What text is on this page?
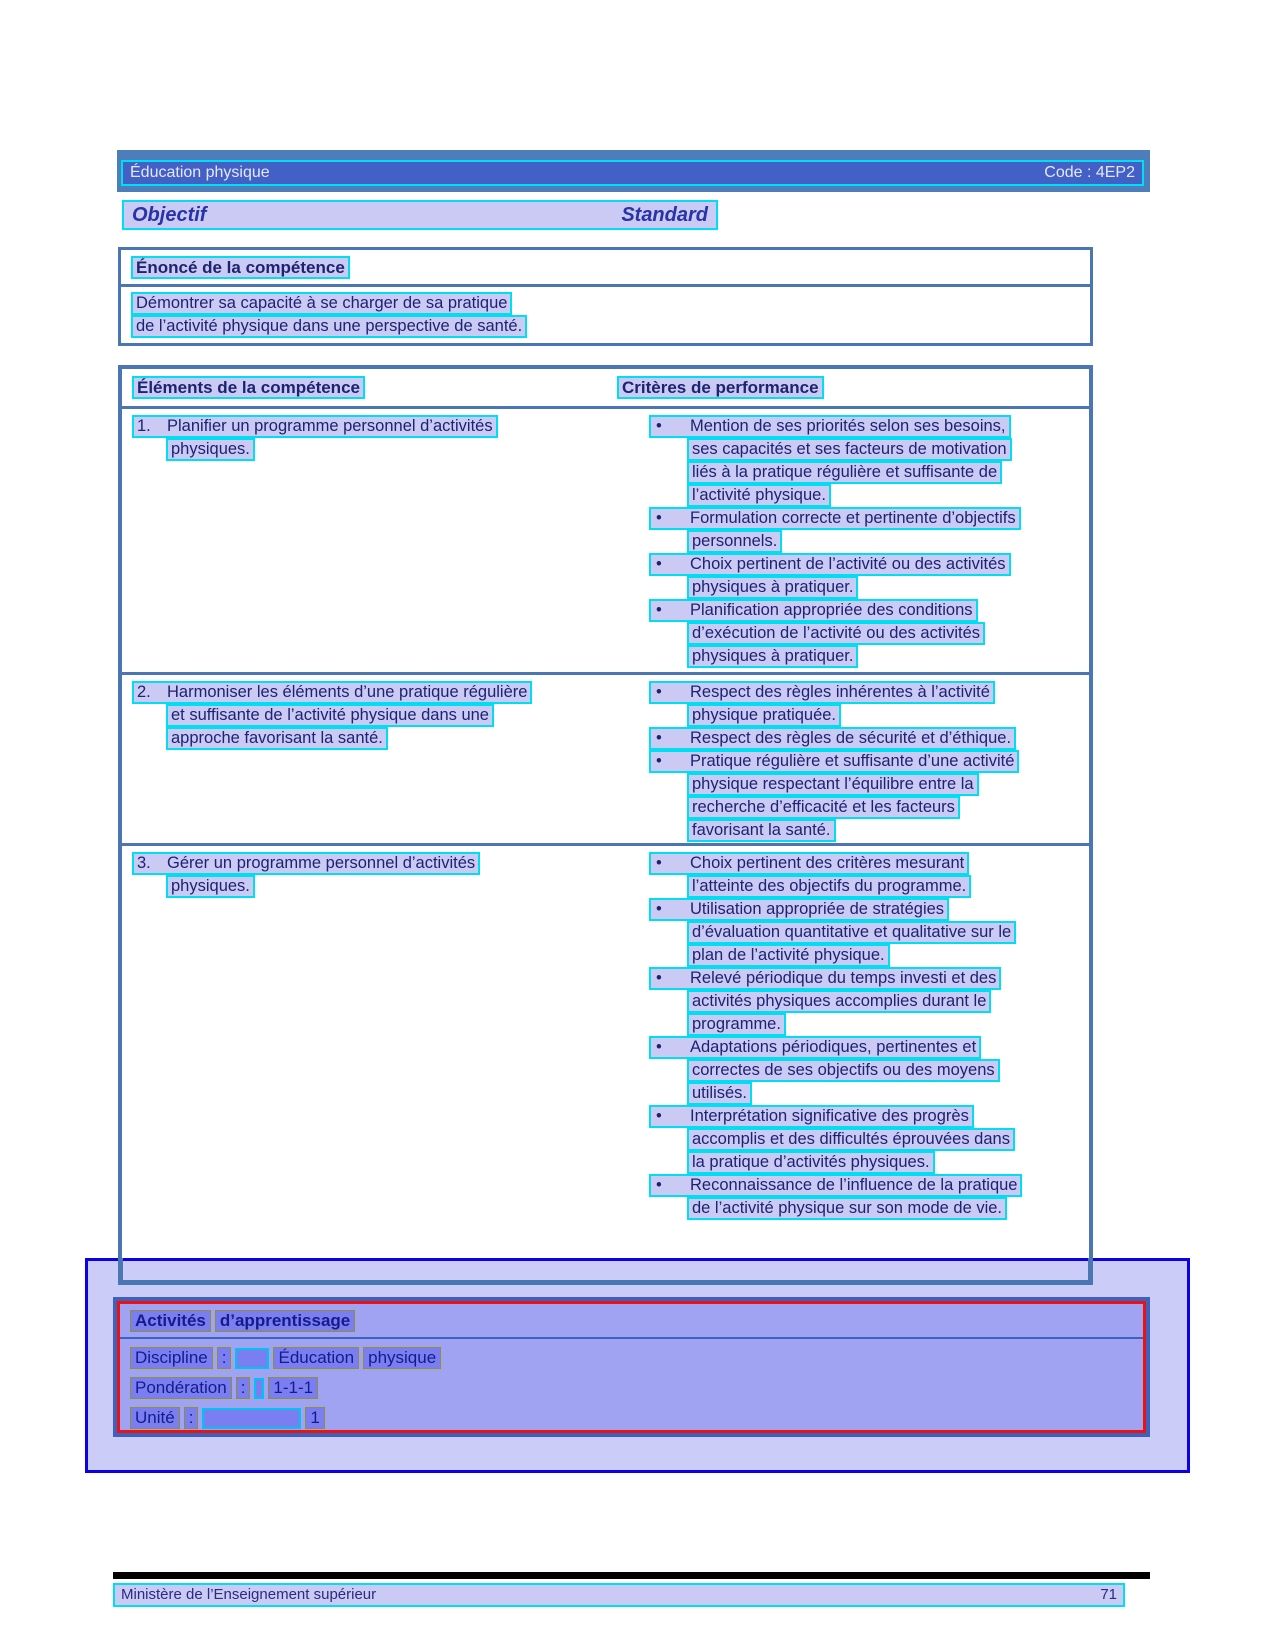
Éducation physique	Code : 4EP2
Objectif	Standard
Énoncé de la compétence
Démontrer sa capacité à se charger de sa pratique
de l’activité physique dans une perspective de santé.
Éléments de la compétence	Critères de performance
1. Planifier un programme personnel d’activités
physiques.
• Mention de ses priorités selon ses besoins,
ses capacités et ses facteurs de motivation
liés à la pratique régulière et suffisante de
l’activité physique.
• Formulation correcte et pertinente d’objectifs
personnels.
• Choix pertinent de l’activité ou des activités
physiques à pratiquer.
• Planification appropriée des conditions
d’exécution de l’activité ou des activités
physiques à pratiquer.
2. Harmoniser les éléments d’une pratique régulière
et suffisante de l’activité physique dans une
approche favorisant la santé.
• Respect des règles inhérentes à l’activité
physique pratiquée.
• Respect des règles de sécurité et d’éthique.
• Pratique régulière et suffisante d’une activité
physique respectant l’équilibre entre la
recherche d’efficacité et les facteurs
favorisant la santé.
3. Gérer un programme personnel d’activités
physiques.
• Choix pertinent des critères mesurant
l’atteinte des objectifs du programme.
• Utilisation appropriée de stratégies
d’évaluation quantitative et qualitative sur le
plan de l’activité physique.
• Relevé périodique du temps investi et des
activités physiques accomplies durant le
programme.
• Adaptations périodiques, pertinentes et
correctes de ses objectifs ou des moyens
utilisés.
• Interprétation significative des progrès
accomplis et des difficultés éprouvées dans
la pratique d’activités physiques.
• Reconnaissance de l’influence de la pratique
de l’activité physique sur son mode de vie.
Activités d’apprentissage
Discipline :	Éducation physique
Pondération : 1-1-1
Unité :	1
Ministère de l’Enseignement supérieur	71
